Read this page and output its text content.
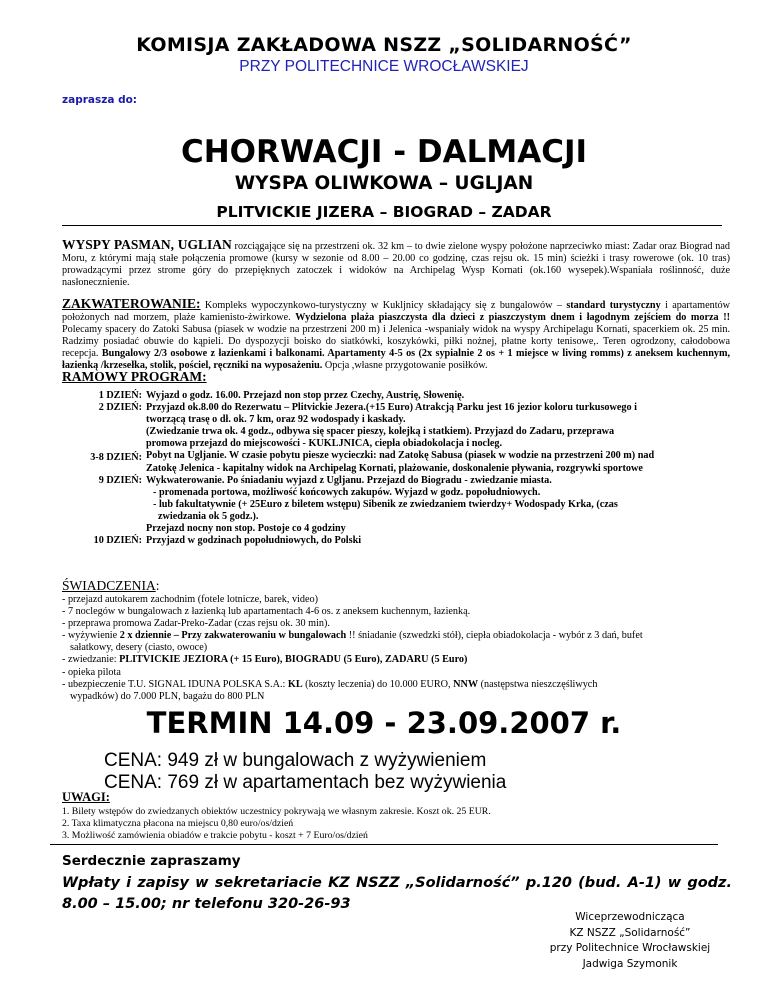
KOMISJA ZAKŁADOWA NSZZ „SOLIDARNOŚĆ”
PRZY POLITECHNICE WROCŁAWSKIEJ
zaprasza do:
CHORWACJI - DALMACJI
WYSPA OLIWKOWA – UGLJAN
PLITVICKIE JIZERA – BIOGRAD – ZADAR
WYSPY PASMAN, UGLIAN rozciągające się na przestrzeni ok. 32 km – to dwie zielone wyspy położone naprzeciwko miast: Zadar oraz Biograd nad Moru, z którymi mają stałe połączenia promowe (kursy w sezonie od 8.00 – 20.00 co godzinę, czas rejsu ok. 15 min) ścieżki i trasy rowerowe (ok. 10 tras) prowadzącymi przez strome góry do przepięknych zatoczek i widoków na Archipelag Wysp Kornati (ok.160 wysepek).Wspaniała roślinność, duże nasłonecznienie.
ZAKWATEROWANIE: Kompleks wypoczynkowo-turystyczny w Kukljnicy składający się z bungalowów – standard turystyczny i apartamentów położonych nad morzem, plaże kamienisto-żwirkowe. Wydzielona plaża piaszczysta dla dzieci z piaszczystym dnem i łagodnym zejściem do morza !! Polecamy spacery do Zatoki Sabusa (piasek w wodzie na przestrzeni 200 m) i Jelenica -wspaniały widok na wyspy Archipelagu Kornati, spacerkiem ok. 25 min. Radzimy posiadać obuwie do kąpieli. Do dyspozycji boisko do siatkówki, koszykówki, piłki nożnej, płatne korty tenisowe,. Teren ogrodzony, całodobowa recepcja. Bungalowy 2/3 osobowe z łazienkami i balkonami. Apartamenty 4-5 os (2x sypialnie 2 os + 1 miejsce w living romms) z aneksem kuchennym, łazienką /krzesełka, stolik, pościel, ręczniki na wyposażeniu. Opcja ,własne przygotowanie posiłków.
RAMOWY PROGRAM:
1 DZIEŃ: Wyjazd o godz. 16.00. Przejazd non stop przez Czechy, Austrię, Słowenię.
2 DZIEŃ: Przyjazd ok.8.00 do Rezerwatu – Plitvickie Jezera.(+15 Euro) Atrakcją Parku jest 16 jezior koloru turkusowego i
tworzącą trasę o dł. ok. 7 km, oraz 92 wodospady i kaskady.
(Zwiedzanie trwa ok. 4 godz., odbywa się spacer pieszy, kolejką i statkiem). Przyjazd do Zadaru, przeprawa
promowa przejazd do miejscowości - KUKLJNICA, ciepła obiadokolacja i nocleg.
3-8 DZIEŃ: Pobyt na Ugljanie. W czasie pobytu piesze wycieczki: nad Zatokę Sabusa (piasek w wodzie na przestrzeni 200 m) nad
Zatokę Jelenica - kapitalny widok na Archipelag Kornati, plażowanie, doskonalenie pływania, rozgrywki sportowe
9 DZIEŃ: Wykwaterowanie. Po śniadaniu wyjazd z Ugljanu. Przejazd do Biogradu - zwiedzanie miasta.
- promenada portowa, możliwość końcowych zakupów. Wyjazd w godz. popołudniowych.
- lub fakultatywnie (+ 25Euro z biletem wstępu) Sibenik ze zwiedzaniem twierdzy+ Wodospady Krka, (czas
zwiedzania ok 5 godz.).
Przejazd nocny non stop. Postoje co 4 godziny
10 DZIEŃ: Przyjazd w godzinach popołudniowych, do Polski
ŚWIADCZENIA:
- przejazd autokarem zachodnim (fotele lotnicze, barek, video)
- 7 noclegów w bungalowach z łazienką lub apartamentach 4-6 os. z aneksem kuchennym, łazienką.
- przeprawa promowa Zadar-Preko-Zadar (czas rejsu ok. 30 min).
- wyżywienie 2 x dziennie – Przy zakwaterowaniu w bungalowach !! śniadanie (szwedzki stół), ciepła obiadokolacja - wybór z 3 dań, bufet
sałatkowy, desery (ciasto, owoce)
- zwiedzanie: PLITVICKIE JEZIORA (+ 15 Euro), BIOGRADU (5 Euro), ZADARU (5 Euro)
- opieka pilota
- ubezpieczenie T.U. SIGNAL IDUNA POLSKA S.A.: KL (koszty leczenia) do 10.000 EURO, NNW (następstwa nieszczęśliwych
wypadków) do 7.000 PLN, bagażu do 800 PLN
TERMIN 14.09 - 23.09.2007 r.
CENA: 949 zł w bungalowach z wyżywieniem
CENA: 769 zł w apartamentach bez wyżywienia
UWAGI:
1. Bilety wstępów do zwiedzanych obiektów uczestnicy pokrywają we własnym zakresie. Koszt ok. 25 EUR.
2. Taxa klimatyczna płacona na miejscu 0,80 euro/os/dzień
3. Możliwość zamówienia obiadów e trakcie pobytu - koszt + 7 Euro/os/dzień
Serdecznie zapraszamy
Wpłaty i zapisy w sekretariacie KZ NSZZ „Solidarność” p.120 (bud. A-1) w godz. 8.00 – 15.00; nr telefonu 320-26-93
Wiceprzewodnicząca
KZ NSZZ „Solidarność”
przy Politechnice Wrocławskiej
Jadwiga Szymonik
